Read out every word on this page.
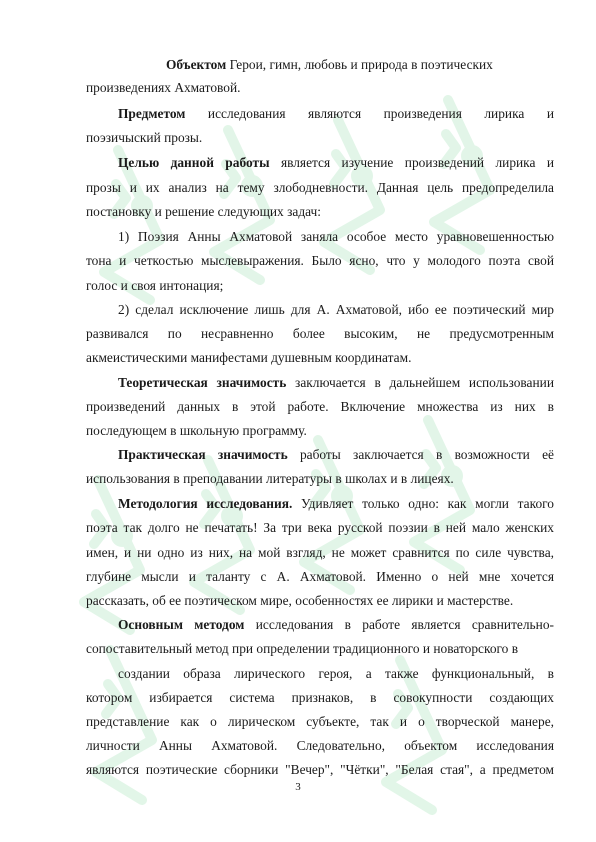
Объектом Герои, гимн, любовь и природа в поэтических
произведениях Ахматовой.
Предметом исследования являются произведения лирика и
поэзичыский прозы.
Целью данной работы является изучение произведений лирика и
прозы и их анализ на тему злободневности. Данная цель предопределила
постановку и решение следующих задач:
1) Поэзия Анны Ахматовой заняла особое место уравновешенностью
тона и четкостью мыслевыражения. Было ясно, что у молодого поэта свой
голос и своя интонация;
2) сделал исключение лишь для А. Ахматовой, ибо ее поэтический мир
развивался по несравненно более высоким, не предусмотренным
акмеистическими манифестами душевным координатам.
Теоретическая значимость заключается в дальнейшем использовании
произведений данных в этой работе. Включение множества из них в
последующем в школьную программу.
Практическая значимость работы заключается в возможности её
использования в преподавании литературы в школах и в лицеях.
Методология исследования. Удивляет только одно: как могли такого
поэта так долго не печатать! За три века русской поэзии в ней мало женских
имен, и ни одно из них, на мой взгляд, не может сравнится по силе чувства,
глубине мысли и таланту с А. Ахматовой. Именно о ней мне хочется
рассказать, об ее поэтическом мире, особенностях ее лирики и мастерстве.
Основным методом исследования в работе является сравнительно-
сопоставительный метод при определении традиционного и новаторского в
создании образа лирического героя, а также функциональный, в
котором избирается система признаков, в совокупности создающих
представление как о лирическом субъекте, так и о творческой манере,
личности Анны Ахматовой. Следовательно, объектом исследования
являются поэтические сборники "Вечер", "Чётки", "Белая стая", а предметом
3
